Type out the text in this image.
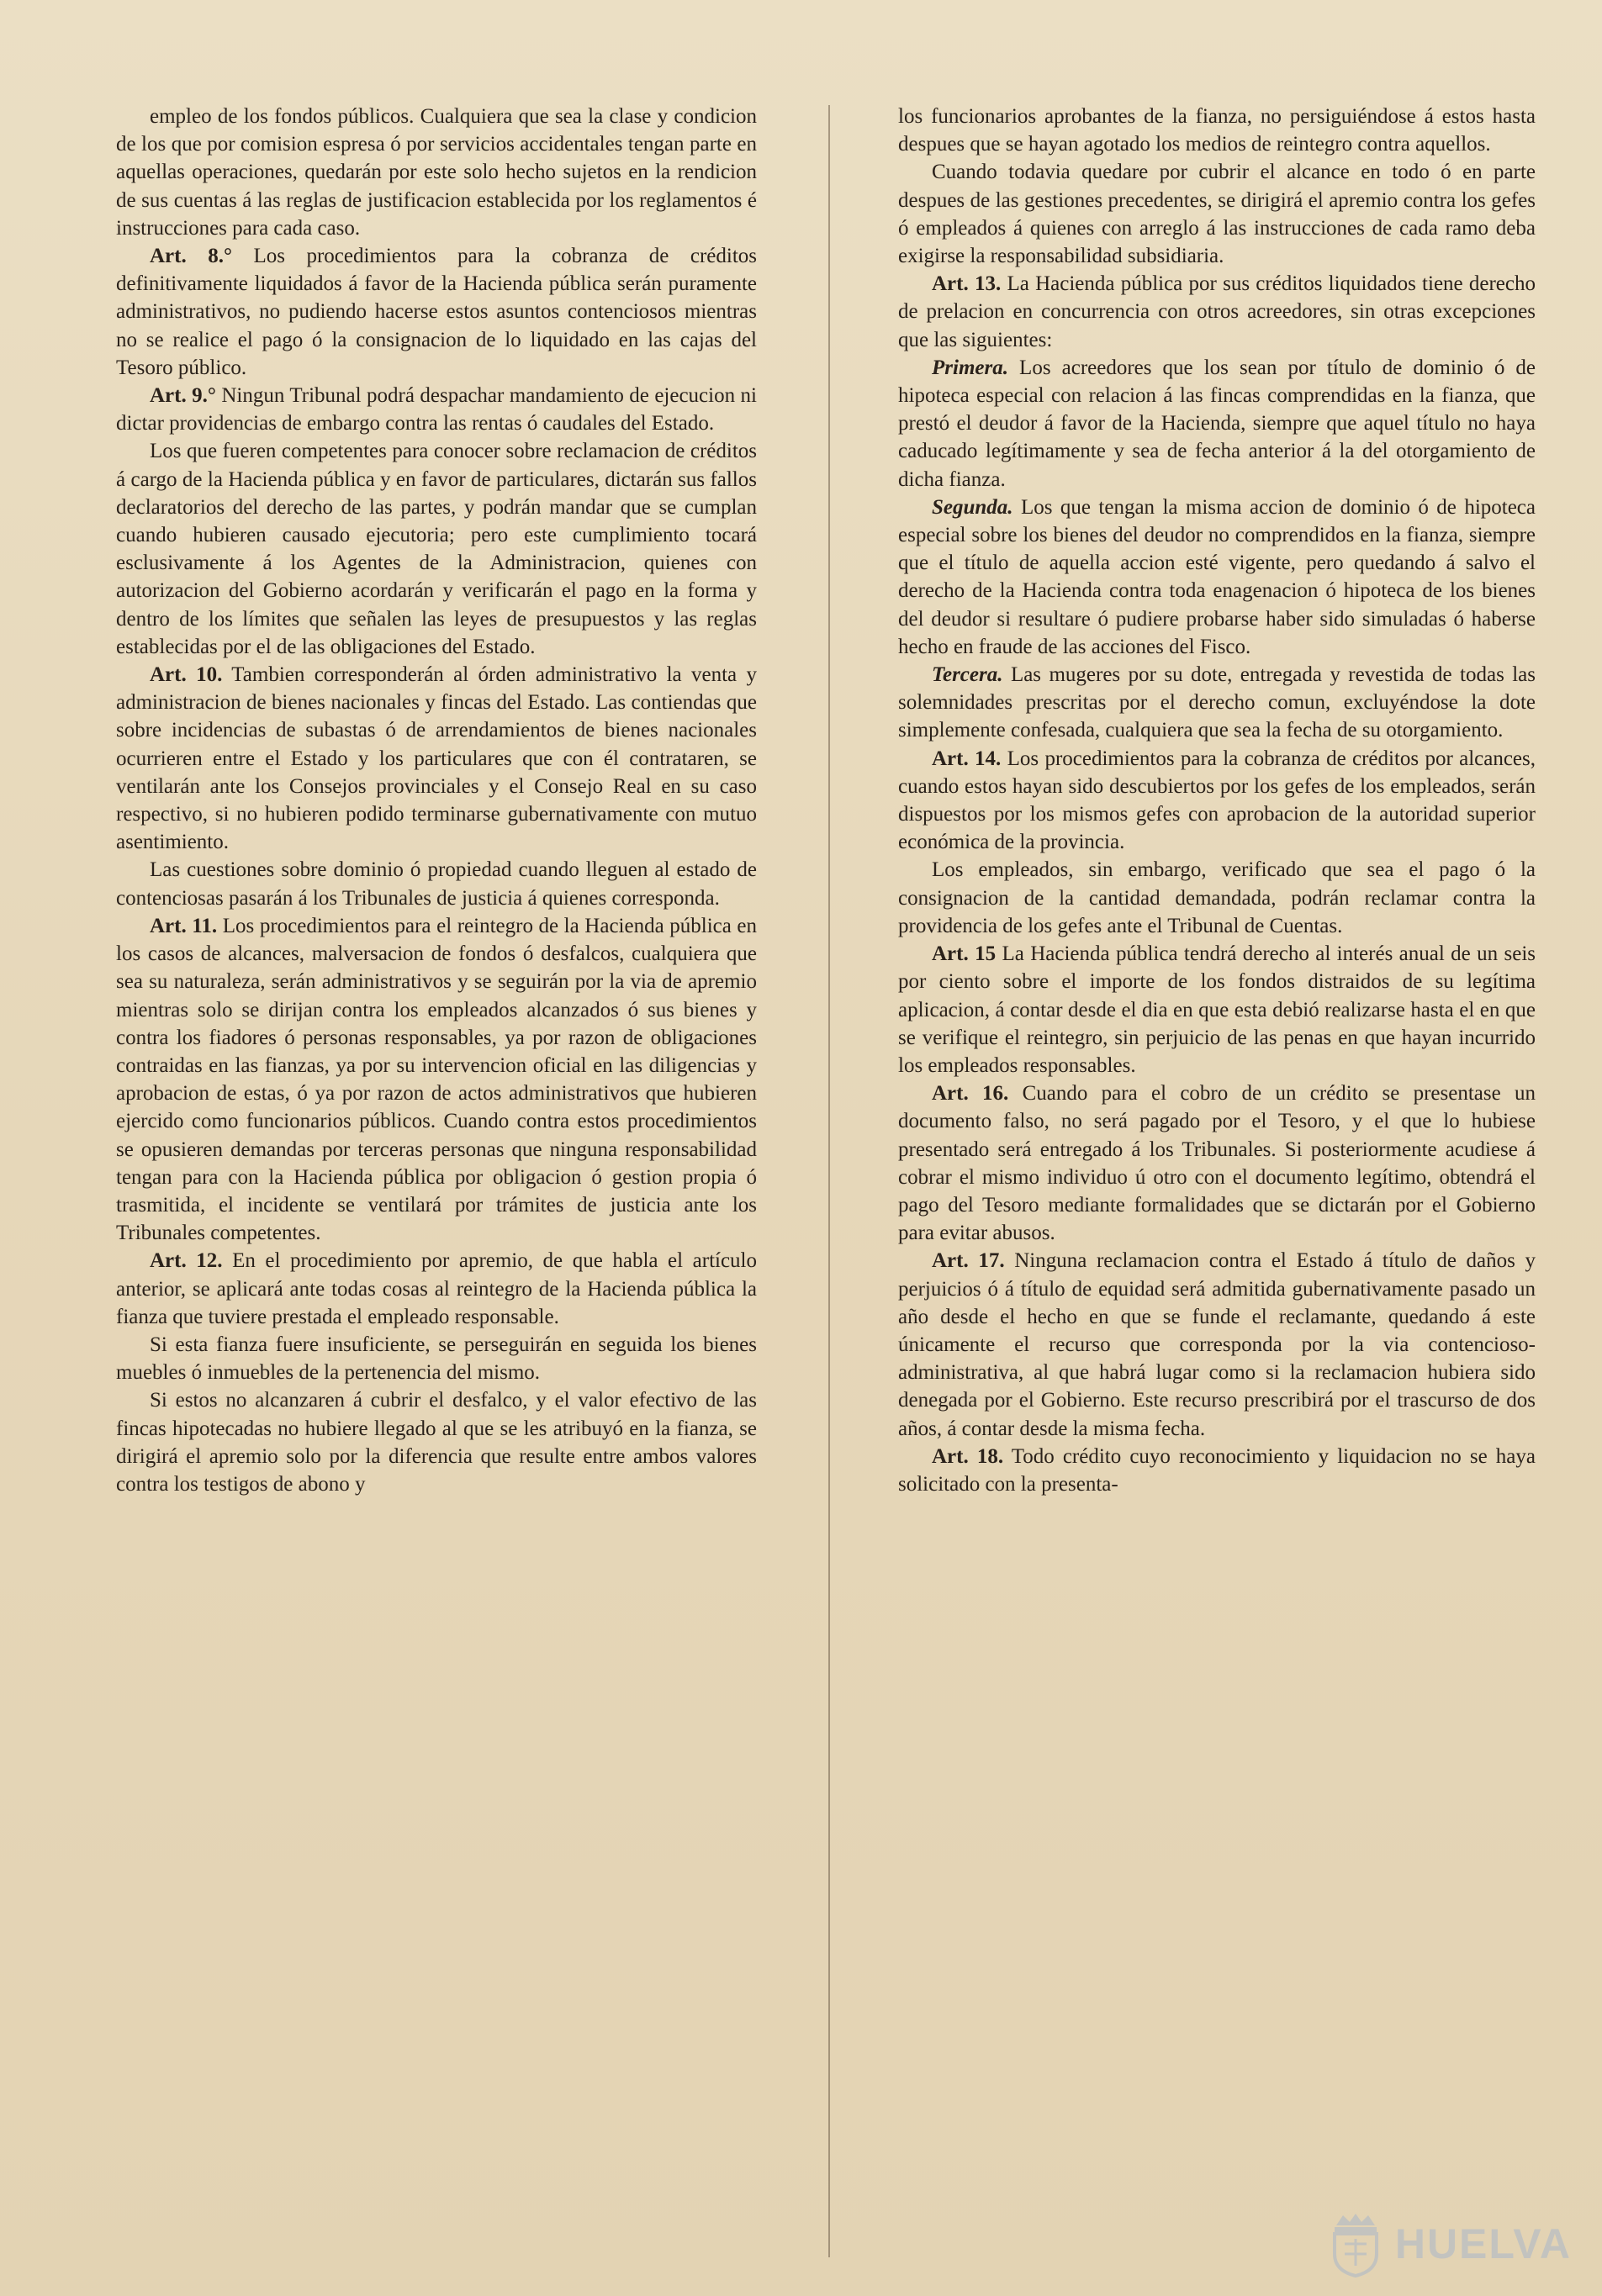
empleo de los fondos públicos. Cualquiera que sea la clase y condicion de los que por comision espresa ó por servicios accidentales tengan parte en aquellas operaciones, quedarán por este solo hecho sujetos en la rendicion de sus cuentas á las reglas de justificacion establecida por los reglamentos é instrucciones para cada caso.

Art. 8.° Los procedimientos para la cobranza de créditos definitivamente liquidados á favor de la Hacienda pública serán puramente administrativos, no pudiendo hacerse estos asuntos contenciosos mientras no se realice el pago ó la consignacion de lo liquidado en las cajas del Tesoro público.

Art. 9.° Ningun Tribunal podrá despachar mandamiento de ejecucion ni dictar providencias de embargo contra las rentas ó caudales del Estado.

Los que fueren competentes para conocer sobre reclamacion de créditos á cargo de la Hacienda pública y en favor de particulares, dictarán sus fallos declaratorios del derecho de las partes, y podrán mandar que se cumplan cuando hubieren causado ejecutoria; pero este cumplimiento tocará esclusivamente á los Agentes de la Administracion, quienes con autorizacion del Gobierno acordarán y verificarán el pago en la forma y dentro de los límites que señalen las leyes de presupuestos y las reglas establecidas por el de las obligaciones del Estado.

Art. 10. Tambien corresponderán al órden administrativo la venta y administracion de bienes nacionales y fincas del Estado. Las contiendas que sobre incidencias de subastas ó de arrendamientos de bienes nacionales ocurrieren entre el Estado y los particulares que con él contrataren, se ventilarán ante los Consejos provinciales y el Consejo Real en su caso respectivo, si no hubieren podido terminarse gubernativamente con mutuo asentimiento.

Las cuestiones sobre dominio ó propiedad cuando lleguen al estado de contenciosas pasarán á los Tribunales de justicia á quienes corresponda.

Art. 11. Los procedimientos para el reintegro de la Hacienda pública en los casos de alcances, malversacion de fondos ó desfalcos, cualquiera que sea su naturaleza, serán administrativos y se seguirán por la via de apremio mientras solo se dirijan contra los empleados alcanzados ó sus bienes y contra los fiadores ó personas responsables, ya por razon de obligaciones contraidas en las fianzas, ya por su intervencion oficial en las diligencias y aprobacion de estas, ó ya por razon de actos administrativos que hubieren ejercido como funcionarios públicos. Cuando contra estos procedimientos se opusieren demandas por terceras personas que ninguna responsabilidad tengan para con la Hacienda pública por obligacion ó gestion propia ó trasmitida, el incidente se ventilará por trámites de justicia ante los Tribunales competentes.

Art. 12. En el procedimiento por apremio, de que habla el artículo anterior, se aplicará ante todas cosas al reintegro de la Hacienda pública la fianza que tuviere prestada el empleado responsable.

Si esta fianza fuere insuficiente, se perseguirán en seguida los bienes muebles ó inmuebles de la pertenencia del mismo.

Si estos no alcanzaren á cubrir el desfalco, y el valor efectivo de las fincas hipotecadas no hubiere llegado al que se les atribuyó en la fianza, se dirigirá el apremio solo por la diferencia que resulte entre ambos valores contra los testigos de abono y

los funcionarios aprobantes de la fianza, no persiguiéndose á estos hasta despues que se hayan agotado los medios de reintegro contra aquellos.

Cuando todavia quedare por cubrir el alcance en todo ó en parte despues de las gestiones precedentes, se dirigirá el apremio contra los gefes ó empleados á quienes con arreglo á las instrucciones de cada ramo deba exigirse la responsabilidad subsidiaria.

Art. 13. La Hacienda pública por sus créditos liquidados tiene derecho de prelacion en concurrencia con otros acreedores, sin otras excepciones que las siguientes:

Primera. Los acreedores que los sean por título de dominio ó de hipoteca especial con relacion á las fincas comprendidas en la fianza, que prestó el deudor á favor de la Hacienda, siempre que aquel título no haya caducado legítimamente y sea de fecha anterior á la del otorgamiento de dicha fianza.

Segunda. Los que tengan la misma accion de dominio ó de hipoteca especial sobre los bienes del deudor no comprendidos en la fianza, siempre que el título de aquella accion esté vigente, pero quedando á salvo el derecho de la Hacienda contra toda enagenacion ó hipoteca de los bienes del deudor si resultare ó pudiere probarse haber sido simuladas ó haberse hecho en fraude de las acciones del Fisco.

Tercera. Las mugeres por su dote, entregada y revestida de todas las solemnidades prescritas por el derecho comun, excluyéndose la dote simplemente confesada, cualquiera que sea la fecha de su otorgamiento.

Art. 14. Los procedimientos para la cobranza de créditos por alcances, cuando estos hayan sido descubiertos por los gefes de los empleados, serán dispuestos por los mismos gefes con aprobacion de la autoridad superior económica de la provincia.

Los empleados, sin embargo, verificado que sea el pago ó la consignacion de la cantidad demandada, podrán reclamar contra la providencia de los gefes ante el Tribunal de Cuentas.

Art. 15 La Hacienda pública tendrá derecho al interés anual de un seis por ciento sobre el importe de los fondos distraidos de su legítima aplicacion, á contar desde el dia en que esta debió realizarse hasta el en que se verifique el reintegro, sin perjuicio de las penas en que hayan incurrido los empleados responsables.

Art. 16. Cuando para el cobro de un crédito se presentase un documento falso, no será pagado por el Tesoro, y el que lo hubiese presentado será entregado á los Tribunales. Si posteriormente acudiese á cobrar el mismo individuo ú otro con el documento legítimo, obtendrá el pago del Tesoro mediante formalidades que se dictarán por el Gobierno para evitar abusos.

Art. 17. Ninguna reclamacion contra el Estado á título de daños y perjuicios ó á título de equidad será admitida gubernativamente pasado un año desde el hecho en que se funde el reclamante, quedando á este únicamente el recurso que corresponda por la via contencioso-administrativa, al que habrá lugar como si la reclamacion hubiera sido denegada por el Gobierno. Este recurso prescribirá por el trascurso de dos años, á contar desde la misma fecha.

Art. 18. Todo crédito cuyo reconocimiento y liquidacion no se haya solicitado con la presenta-

HUELVA
